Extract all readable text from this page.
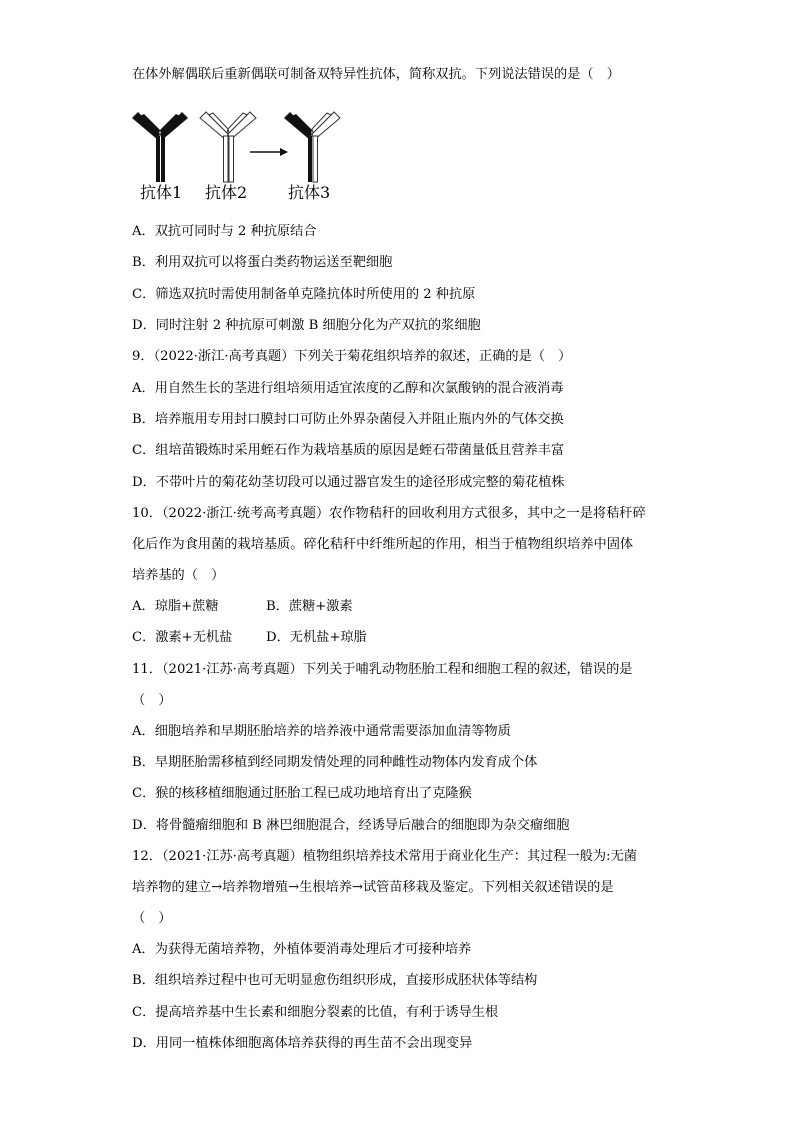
在体外解偶联后重新偶联可制备双特异性抗体，简称双抗。下列说法错误的是（　）
抗体1 抗体2	抗体3
A．双抗可同时与 2 种抗原结合
B．利用双抗可以将蛋白类药物运送至靶细胞
C．筛选双抗时需使用制备单克隆抗体时所使用的 2 种抗原
D．同时注射 2 种抗原可刺激 B 细胞分化为产双抗的浆细胞
9．（2022·浙江·高考真题）下列关于菊花组织培养的叙述，正确的是（　）
A．用自然生长的茎进行组培须用适宜浓度的乙醇和次氯酸钠的混合液消毒
B．培养瓶用专用封口膜封口可防止外界杂菌侵入并阻止瓶内外的气体交换
C．组培苗锻炼时采用蛭石作为栽培基质的原因是蛭石带菌量低且营养丰富
D．不带叶片的菊花幼茎切段可以通过器官发生的途径形成完整的菊花植株
10．（2022·浙江·统考高考真题）农作物秸秆的回收利用方式很多，其中之一是将秸秆碎
化后作为食用菌的栽培基质。碎化秸秆中纤维所起的作用，相当于植物组织培养中固体
培养基的（　）
A．琼脂+蔗糖	B．蔗糖+激素
C．激素+无机盐	D．无机盐+琼脂
11．（2021·江苏·高考真题）下列关于哺乳动物胚胎工程和细胞工程的叙述，错误的是
（　）
A．细胞培养和早期胚胎培养的培养液中通常需要添加血清等物质
B．早期胚胎需移植到经同期发情处理的同种雌性动物体内发育成个体
C．猴的核移植细胞通过胚胎工程已成功地培育出了克隆猴
D．将骨髓瘤细胞和 B 淋巴细胞混合，经诱导后融合的细胞即为杂交瘤细胞
12．（2021·江苏·高考真题）植物组织培养技术常用于商业化生产：其过程一般为:无菌
培养物的建立→培养物增殖→生根培养→试管苗移栽及鉴定。下列相关叙述错误的是
（　）
A．为获得无菌培养物，外植体要消毒处理后才可接种培养
B．组织培养过程中也可无明显愈伤组织形成，直接形成胚状体等结构
C．提高培养基中生长素和细胞分裂素的比值，有利于诱导生根
D．用同一植株体细胞离体培养获得的再生苗不会出现变异
